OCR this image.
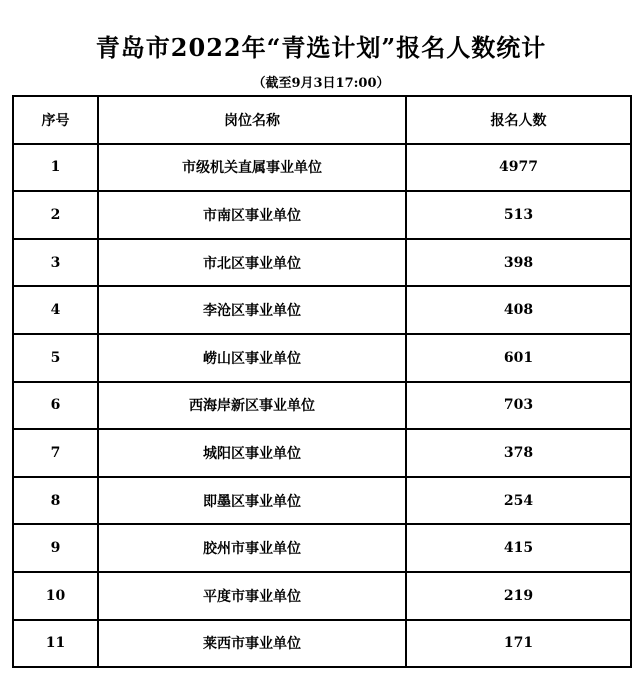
青岛市2022年“青选计划”报名人数统计
（截至9月3日17:00）
序号	岗位名称	报名人数
1	市级机关直属事业单位	4977
2	市南区事业单位	513
3	市北区事业单位	398
4	李沧区事业单位	408
5	崂山区事业单位	601
6	西海岸新区事业单位	703
7	城阳区事业单位	378
8	即墨区事业单位	254
9	胶州市事业单位	415
10	平度市事业单位	219
11	莱西市事业单位	171
